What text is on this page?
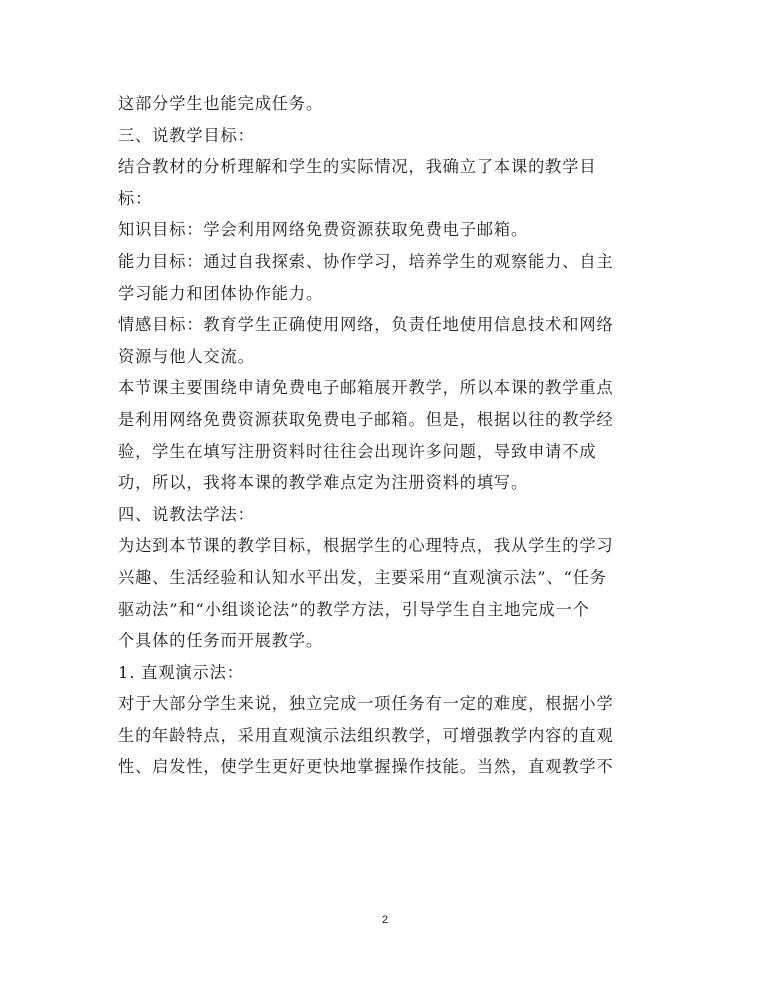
这部分学生也能完成任务。
三、说教学目标：
结合教材的分析理解和学生的实际情况，我确立了本课的教学目
标：
知识目标：学会利用网络免费资源获取免费电子邮箱。
能力目标：通过自我探索、协作学习，培养学生的观察能力、自主
学习能力和团体协作能力。
情感目标：教育学生正确使用网络，负责任地使用信息技术和网络
资源与他人交流。
本节课主要围绕申请免费电子邮箱展开教学，所以本课的教学重点
是利用网络免费资源获取免费电子邮箱。但是，根据以往的教学经
验，学生在填写注册资料时往往会出现许多问题，导致申请不成
功，所以，我将本课的教学难点定为注册资料的填写。
四、说教法学法：
为达到本节课的教学目标，根据学生的心理特点，我从学生的学习
兴趣、生活经验和认知水平出发，主要采用“直观演示法”、“任务
驱动法”和“小组谈论法”的教学方法，引导学生自主地完成一个
个具体的任务而开展教学。
1. 直观演示法：
对于大部分学生来说，独立完成一项任务有一定的难度，根据小学
生的年龄特点，采用直观演示法组织教学，可增强教学内容的直观
性、启发性，使学生更好更快地掌握操作技能。当然，直观教学不
2
